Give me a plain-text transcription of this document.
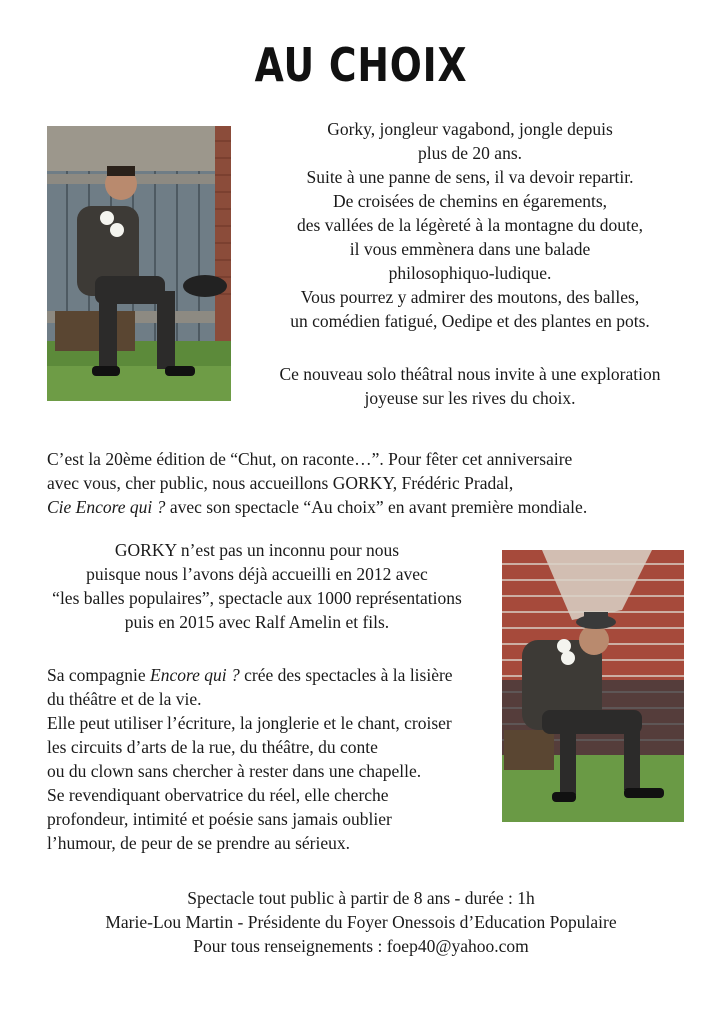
AU CHOIX
Gorky, jongleur vagabond, jongle depuis
plus de 20 ans.
Suite à une panne de sens, il va devoir repartir.
De croisées de chemins en égarements,
des vallées de la légèreté à la montagne du doute,
il vous emmènera dans une balade
philosophiquo-ludique.
Vous pourrez y admirer des moutons, des balles,
un comédien fatigué, Oedipe et des plantes en pots.
Ce nouveau solo théâtral nous invite à une exploration
joyeuse sur les rives du choix.
C’est la 20ème édition de “Chut, on raconte…”. Pour fêter cet anniversaire
avec vous, cher public, nous accueillons GORKY, Frédéric Pradal,
Cie Encore qui ? avec son spectacle “Au choix” en avant première mondiale.
GORKY n’est pas un inconnu pour nous
puisque nous l’avons déjà accueilli en 2012 avec
“les balles populaires”, spectacle aux 1000 représentations
puis en 2015 avec Ralf Amelin et fils.
Sa compagnie Encore qui ? crée des spectacles à la lisière
du théâtre et de la vie.
Elle peut utiliser l’écriture, la jonglerie et le chant, croiser
les circuits d’arts de la rue, du théâtre, du conte
ou du clown sans chercher à rester dans une chapelle.
Se revendiquant obervatrice du réel, elle cherche
profondeur, intimité et poésie sans jamais oublier
l’humour, de peur de se prendre au sérieux.
Spectacle tout public à partir de 8 ans - durée : 1h
Marie-Lou Martin - Présidente du Foyer Onessois d’Education Populaire
Pour tous renseignements : foep40@yahoo.com
